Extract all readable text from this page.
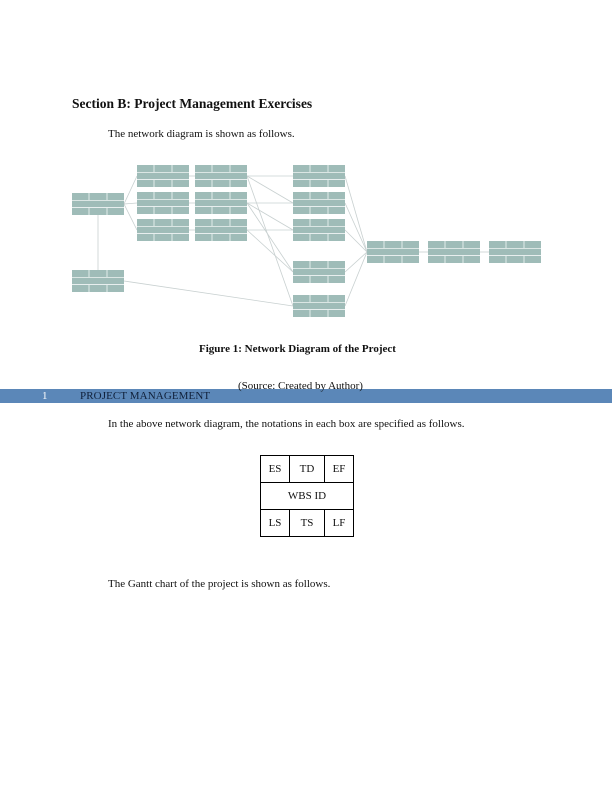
Section B: Project Management Exercises
The network diagram is shown as follows.
Figure 1: Network Diagram of the Project
(Source: Created by Author)
1	PROJECT MANAGEMENT
In the above network diagram, the notations in each box are specified as follows.
ES	TD	EF
WBS ID		
LS	TS	LF
The Gantt chart of the project is shown as follows.
